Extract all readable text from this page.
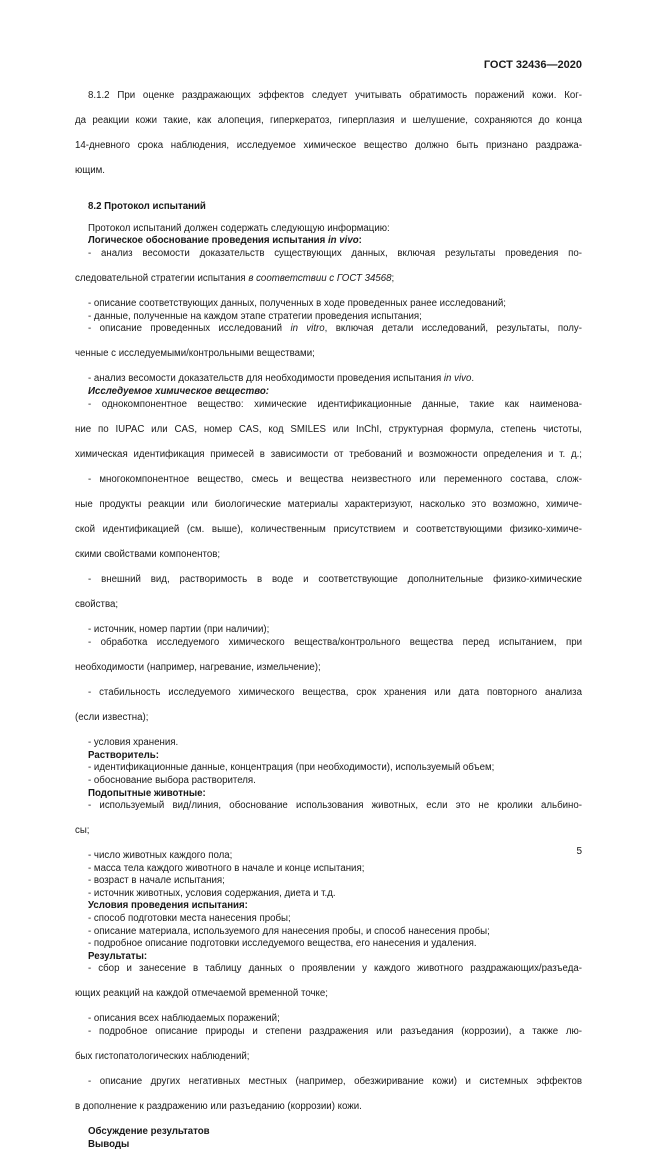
ГОСТ 32436—2020

8.1.2 При оценке раздражающих эффектов следует учитывать обратимость поражений кожи. Ког-

да реакции кожи такие, как алопеция, гиперкератоз, гиперплазия и шелушение, сохраняются до конца

14-дневного срока наблюдения, исследуемое химическое вещество должно быть признано раздража-

ющим.

8.2 Протокол испытаний

Протокол испытаний должен содержать следующую информацию:

Логическое обоснование проведения испытания in vivo:

- анализ весомости доказательств существующих данных, включая результаты проведения по-

следовательной стратегии испытания в соответствии с ГОСТ 34568;

- описание соответствующих данных, полученных в ходе проведенных ранее исследований;

- данные, полученные на каждом этапе стратегии проведения испытания;

- описание проведенных исследований in vitro, включая детали исследований, результаты, полу-

ченные с исследуемыми/контрольными веществами;

- анализ весомости доказательств для необходимости проведения испытания in vivo.

Исследуемое химическое вещество:

- однокомпонентное вещество: химические идентификационные данные, такие как наименова-

ние по IUPAC или CAS, номер CAS, код SMILES или InChI, структурная формула, степень чистоты,

химическая идентификация примесей в зависимости от требований и возможности определения и т. д.;

- многокомпонентное вещество, смесь и вещества неизвестного или переменного состава, слож-

ные продукты реакции или биологические материалы характеризуют, насколько это возможно, химиче-

ской идентификацией (см. выше), количественным присутствием и соответствующими физико-химиче-

скими свойствами компонентов;

- внешний вид, растворимость в воде и соответствующие дополнительные физико-химические

свойства;

- источник, номер партии (при наличии);

- обработка исследуемого химического вещества/контрольного вещества перед испытанием, при

необходимости (например, нагревание, измельчение);

- стабильность исследуемого химического вещества, срок хранения или дата повторного анализа

(если известна);

- условия хранения.

Растворитель:

- идентификационные данные, концентрация (при необходимости), используемый объем;

- обоснование выбора растворителя.

Подопытные животные:

- используемый вид/линия, обоснование использования животных, если это не кролики альбино-

сы;

- число животных каждого пола;

- масса тела каждого животного в начале и конце испытания;

- возраст в начале испытания;

- источник животных, условия содержания, диета и т.д.

Условия проведения испытания:

- способ подготовки места нанесения пробы;

- описание материала, используемого для нанесения пробы, и способ нанесения пробы;

- подробное описание подготовки исследуемого вещества, его нанесения и удаления.

Результаты:

- сбор и занесение в таблицу данных о проявлении у каждого животного раздражающих/разъеда-

ющих реакций на каждой отмечаемой временной точке;

- описания всех наблюдаемых поражений;

- подробное описание природы и степени раздражения или разъедания (коррозии), а также лю-

бых гистопатологических наблюдений;

- описание других негативных местных (например, обезжиривание кожи) и системных эффектов

в дополнение к раздражению или разъеданию (коррозии) кожи.

Обсуждение результатов

Выводы

5
